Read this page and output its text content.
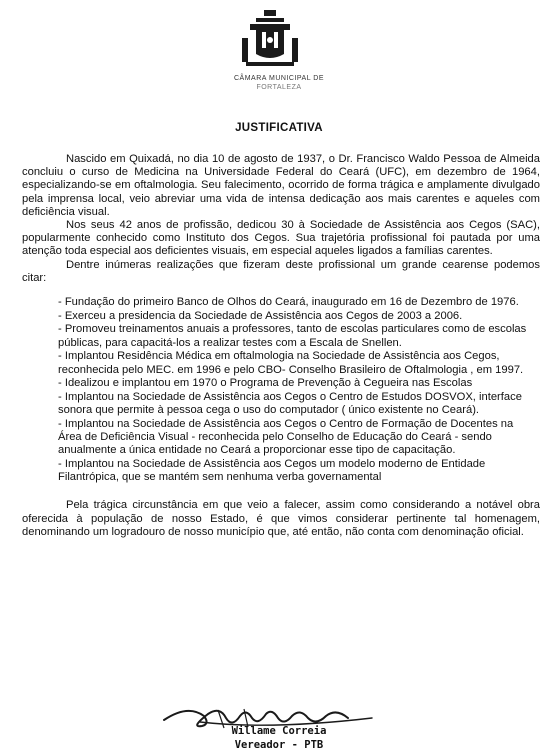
CÂMARA MUNICIPAL DE
FORTALEZA
JUSTIFICATIVA

Nascido em Quixadá, no dia 10 de agosto de 1937, o Dr. Francisco Waldo Pessoa de Almeida concluiu o curso de Medicina na Universidade Federal do Ceará (UFC), em dezembro de 1964, especializando-se em oftalmologia. Seu falecimento, ocorrido de forma trágica e amplamente divulgado pela imprensa local, veio abreviar uma vida de intensa dedicação aos mais carentes e aqueles com deficiência visual.

Nos seus 42 anos de profissão, dedicou 30 à Sociedade de Assistência aos Cegos (SAC), popularmente conhecido como Instituto dos Cegos. Sua trajetória profissional foi pautada por uma atenção toda especial aos deficientes visuais, em especial aqueles ligados a famílias carentes.

Dentre inúmeras realizações que fizeram deste profissional um grande cearense podemos citar:

- Fundação do primeiro Banco de Olhos do Ceará, inaugurado em 16 de Dezembro de 1976.
- Exerceu a presidencia da Sociedade de Assistência aos Cegos de 2003 a 2006.
- Promoveu treinamentos anuais a professores, tanto de escolas particulares como de escolas públicas, para capacitá-los a realizar testes com a Escala de Snellen.
- Implantou Residência Médica em oftalmologia na Sociedade de Assistência aos Cegos, reconhecida pelo MEC. em 1996 e pelo CBO- Conselho Brasileiro de Oftalmologia , em 1997.
- Idealizou e implantou em 1970 o Programa de Prevenção à Cegueira nas Escolas
- Implantou na Sociedade de Assistência aos Cegos o Centro de Estudos DOSVOX, interface sonora que permite à pessoa cega o uso do computador ( único existente no Ceará).
- Implantou na Sociedade de Assistência aos Cegos o Centro de Formação de Docentes na Área de Deficiência Visual - reconhecida pelo Conselho de Educação do Ceará - sendo anualmente a única entidade no Ceará a proporcionar esse tipo de capacitação.
- Implantou na Sociedade de Assistência aos Cegos um modelo moderno de Entidade Filantrópica, que se mantém sem nenhuma verba governamental

Pela trágica circunstância em que veio a falecer, assim como considerando a notável obra oferecida à população de nosso Estado, é que vimos considerar pertinente tal homenagem, denominando um logradouro de nosso município que, até então, não conta com denominação oficial.

Willame Correia
Vereador - PTB
